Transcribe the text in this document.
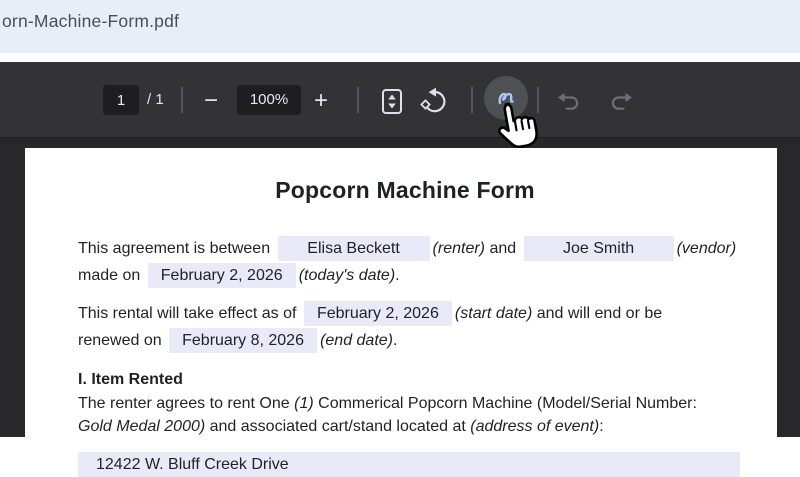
orn-Machine-Form.pdf
1
/ 1	−	100%	+
Popcorn Machine Form
This agreement is between Elisa Beckett (renter) and	Joe Smith	(vendor)
made on February 2, 2026 (today's date).
This rental will take effect as of February 2, 2026 (start date) and will end or be
renewed on February 8, 2026 (end date).
I. Item Rented
The renter agrees to rent One (1) Commerical Popcorn Machine (Model/Serial Number:
Gold Medal 2000) and associated cart/stand located at (address of event):
12422 W. Bluff Creek Drive
